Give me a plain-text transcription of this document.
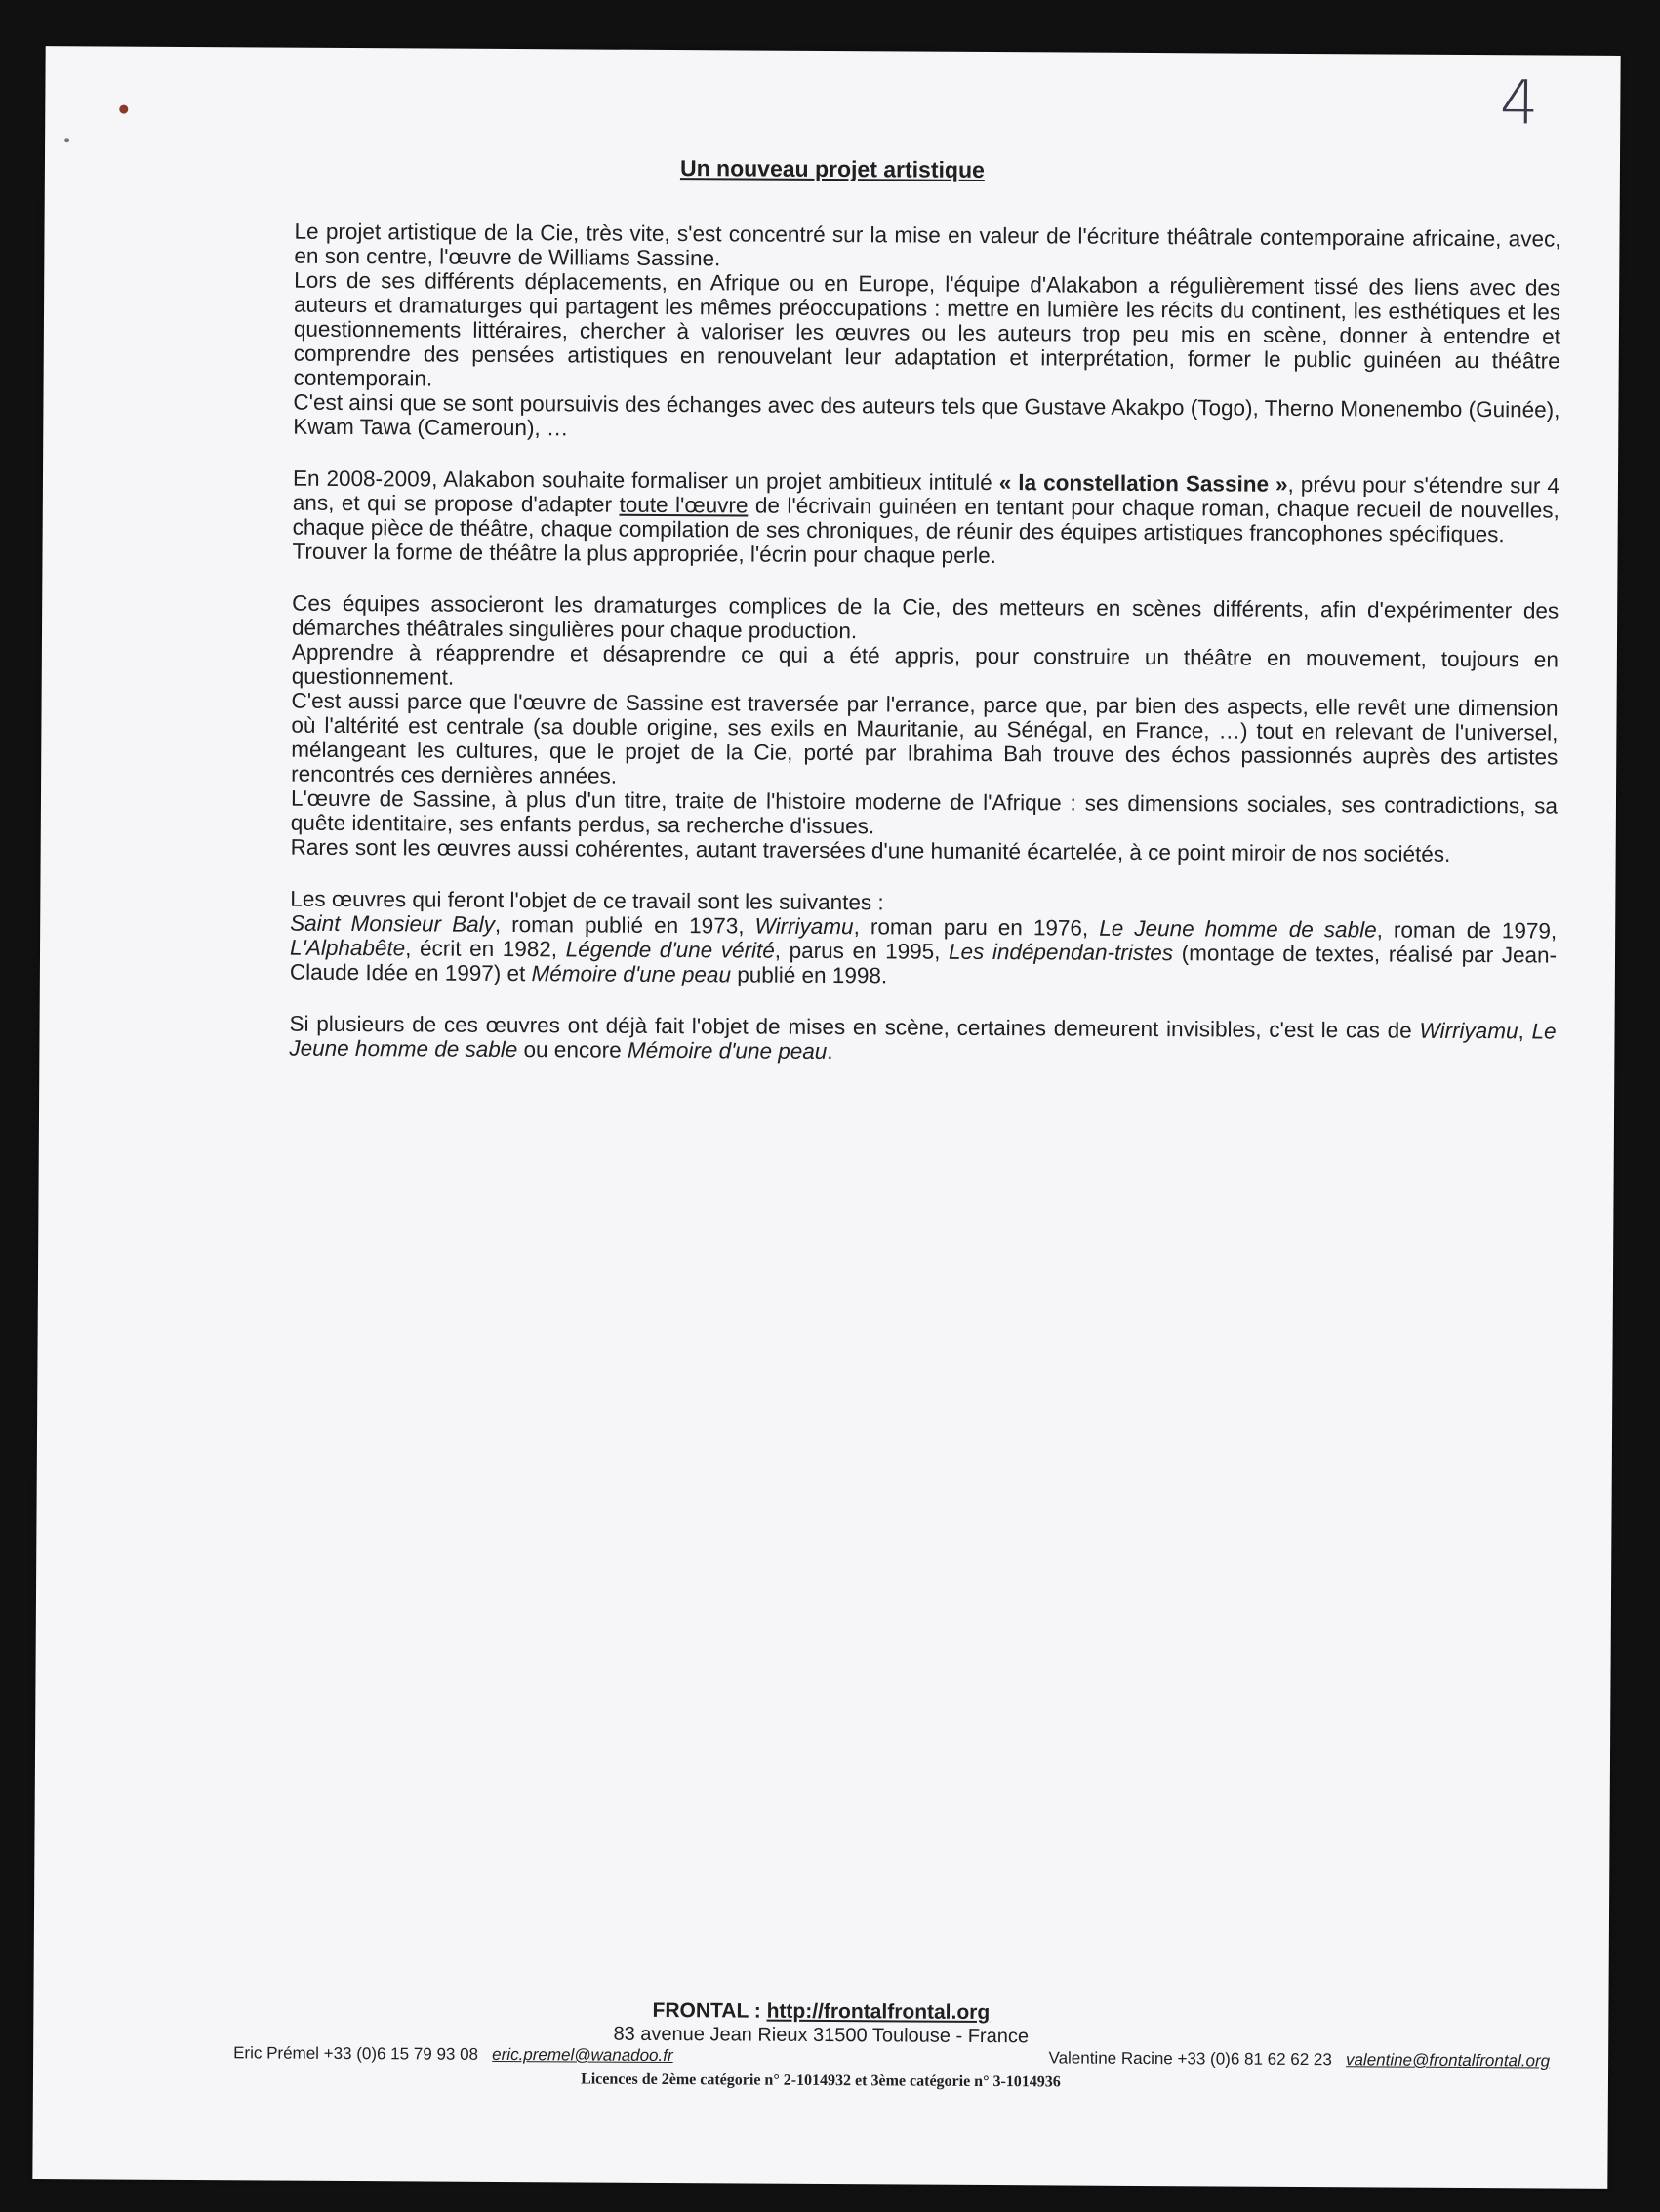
4
Un nouveau projet artistique

Le projet artistique de la Cie, très vite, s'est concentré sur la mise en valeur de l'écriture théâtrale contemporaine africaine, avec, en son centre, l'œuvre de Williams Sassine.

Lors de ses différents déplacements, en Afrique ou en Europe, l'équipe d'Alakabon a régulièrement tissé des liens avec des auteurs et dramaturges qui partagent les mêmes préoccupations : mettre en lumière les récits du continent, les esthétiques et les questionnements littéraires, chercher à valoriser les œuvres ou les auteurs trop peu mis en scène, donner à entendre et comprendre des pensées artistiques en renouvelant leur adaptation et interprétation, former le public guinéen au théâtre contemporain.

C'est ainsi que se sont poursuivis des échanges avec des auteurs tels que Gustave Akakpo (Togo), Therno Monenembo (Guinée), Kwam Tawa (Cameroun), …

En 2008-2009, Alakabon souhaite formaliser un projet ambitieux intitulé « la constellation Sassine », prévu pour s'étendre sur 4 ans, et qui se propose d'adapter toute l'œuvre de l'écrivain guinéen en tentant pour chaque roman, chaque recueil de nouvelles, chaque pièce de théâtre, chaque compilation de ses chroniques, de réunir des équipes artistiques francophones spécifiques.

Trouver la forme de théâtre la plus appropriée, l'écrin pour chaque perle.

Ces équipes associeront les dramaturges complices de la Cie, des metteurs en scènes différents, afin d'expérimenter des démarches théâtrales singulières pour chaque production.

Apprendre à réapprendre et désaprendre ce qui a été appris, pour construire un théâtre en mouvement, toujours en questionnement.

C'est aussi parce que l'œuvre de Sassine est traversée par l'errance, parce que, par bien des aspects, elle revêt une dimension où l'altérité est centrale (sa double origine, ses exils en Mauritanie, au Sénégal, en France, …) tout en relevant de l'universel, mélangeant les cultures, que le projet de la Cie, porté par Ibrahima Bah trouve des échos passionnés auprès des artistes rencontrés ces dernières années.

L'œuvre de Sassine, à plus d'un titre, traite de l'histoire moderne de l'Afrique : ses dimensions sociales, ses contradictions, sa quête identitaire, ses enfants perdus, sa recherche d'issues.

Rares sont les œuvres aussi cohérentes, autant traversées d'une humanité écartelée, à ce point miroir de nos sociétés.

Les œuvres qui feront l'objet de ce travail sont les suivantes :

Saint Monsieur Baly, roman publié en 1973, Wirriyamu, roman paru en 1976, Le Jeune homme de sable, roman de 1979, L'Alphabête, écrit en 1982, Légende d'une vérité, parus en 1995, Les indépendan-tristes (montage de textes, réalisé par Jean-Claude Idée en 1997) et Mémoire d'une peau publié en 1998.

Si plusieurs de ces œuvres ont déjà fait l'objet de mises en scène, certaines demeurent invisibles, c'est le cas de Wirriyamu, Le Jeune homme de sable ou encore Mémoire d'une peau.

FRONTAL : http://frontalfrontal.org
83 avenue Jean Rieux 31500 Toulouse - France
Eric Prémel +33 (0)6 15 79 93 08 eric.premel@wanadoo.fr	Valentine Racine +33 (0)6 81 62 62 23 valentine@frontalfrontal.org
Licences de 2ème catégorie n° 2-1014932 et 3ème catégorie n° 3-1014936
